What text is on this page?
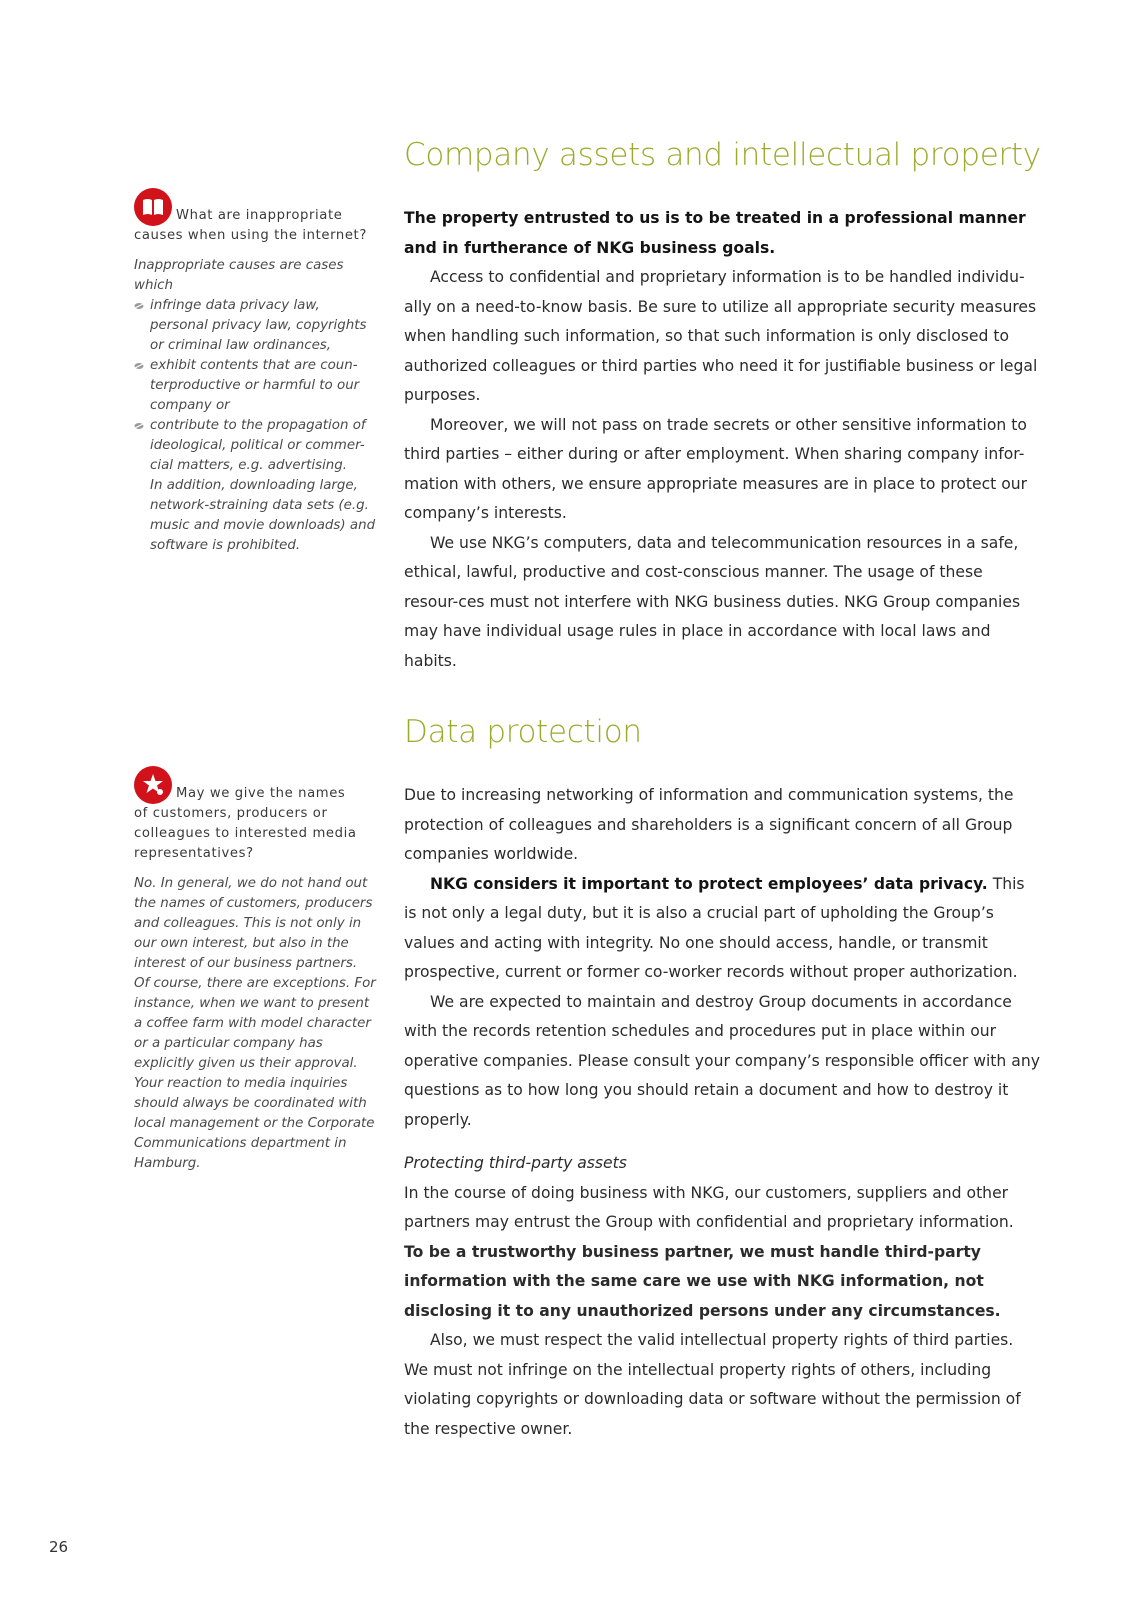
Company assets and intellectual property

The property entrusted to us is to be treated in a professional manner and in furtherance of NKG business goals.

Access to confidential and proprietary information is to be handled individu-ally on a need-to-know basis. Be sure to utilize all appropriate security measures when handling such information, so that such information is only disclosed to authorized colleagues or third parties who need it for justifiable business or legal purposes.

Moreover, we will not pass on trade secrets or other sensitive information to third parties – either during or after employment. When sharing company infor-mation with others, we ensure appropriate measures are in place to protect our company’s interests.

We use NKG’s computers, data and telecommunication resources in a safe, ethical, lawful, productive and cost-conscious manner. The usage of these resour-ces must not interfere with NKG business duties. NKG Group companies may have individual usage rules in place in accordance with local laws and habits.

What are inappropriate

causes when using the internet?

Inappropriate causes are cases which

infringe data privacy law, personal privacy law, copyrights or criminal law ordinances,
exhibit contents that are coun-terproductive or harmful to our company or
contribute to the propagation of ideological, political or commer-cial matters, e.g. advertising.
In addition, downloading large, network-straining data sets (e.g. music and movie downloads) and software is prohibited.
Data protection

Due to increasing networking of information and communication systems, the protection of colleagues and shareholders is a significant concern of all Group companies worldwide.

NKG considers it important to protect employees’ data privacy. This is not only a legal duty, but it is also a crucial part of upholding the Group’s values and acting with integrity. No one should access, handle, or transmit prospective, current or former co-worker records without proper authorization.

We are expected to maintain and destroy Group documents in accordance with the records retention schedules and procedures put in place within our operative companies. Please consult your company’s responsible officer with any questions as to how long you should retain a document and how to destroy it properly.

Protecting third-party assets

In the course of doing business with NKG, our customers, suppliers and other partners may entrust the Group with confidential and proprietary information.

To be a trustworthy business partner, we must handle third-party information with the same care we use with NKG information, not disclosing it to any unauthorized persons under any circumstances.

Also, we must respect the valid intellectual property rights of third parties. We must not infringe on the intellectual property rights of others, including violating copyrights or downloading data or software without the permission of the respective owner.

May we give the names

of customers, producers or colleagues to interested media representatives?

No. In general, we do not hand out the names of customers, producers and colleagues. This is not only in our own interest, but also in the interest of our business partners.

Of course, there are exceptions. For instance, when we want to present a coffee farm with model character or a particular company has explicitly given us their approval. Your reaction to media inquiries should always be coordinated with local management or the Corporate Communications department in Hamburg.

26
